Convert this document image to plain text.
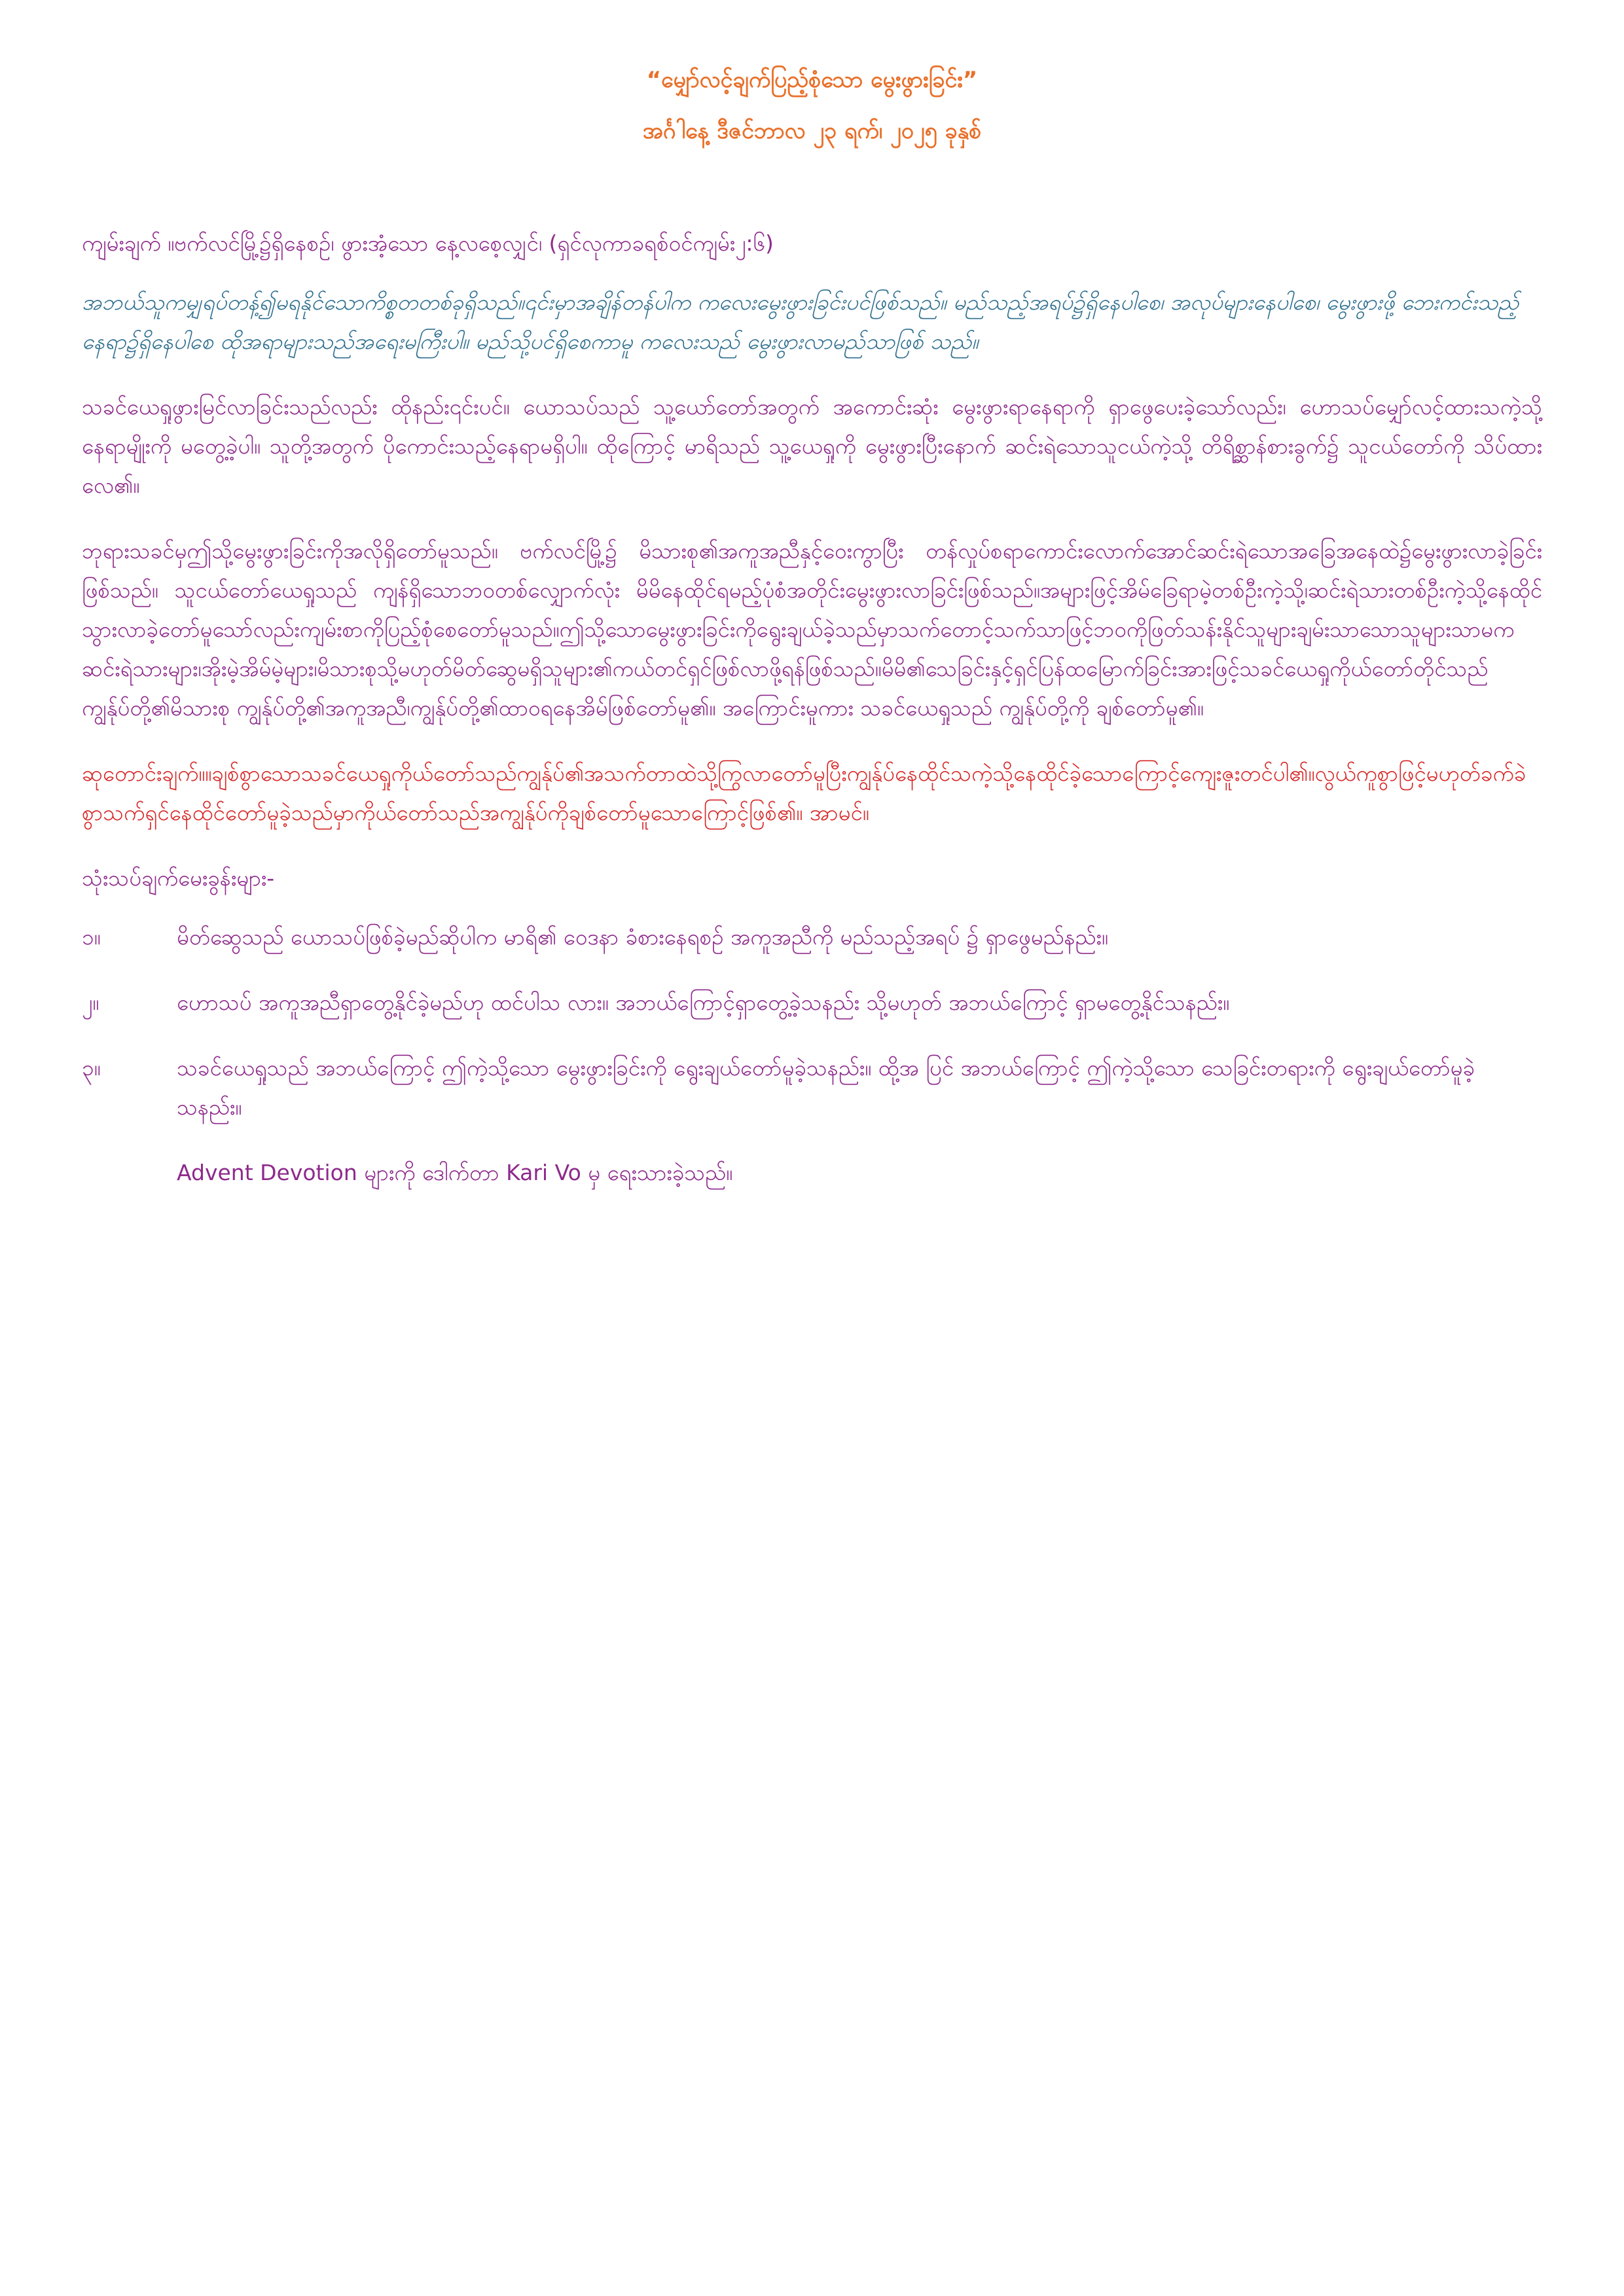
“မျှော်လင့်ချက်ပြည့်စုံသော မွေးဖွားခြင်း”

အင်္ဂါနေ့ ဒီဇင်ဘာလ ၂၃ ရက်၊ ၂၀၂၅ ခုနှစ်

ကျမ်းချက် ။ဗက်လင်မြို့၌ရှိနေစဉ်၊ ဖွားအံ့သော နေ့လစေ့လျှင်၊ (ရှင်လုကာခရစ်ဝင်ကျမ်း၂:၆)

အဘယ်သူကမျှရပ်တန့်၍မရနိုင်သောကိစ္စတတစ်ခုရှိသည်။၎င်းမှာအချိန်တန်ပါက ကလေးမွေးဖွားခြင်းပင်ဖြစ်သည်။ မည်သည့်အရပ်၌ရှိနေပါစေ၊ အလုပ်များနေပါစေ၊ မွေးဖွားဖို့ ဘေးကင်းသည့်နေရာ၌ရှိနေပါစေ ထိုအရာများသည်အရေးမကြီးပါ။ မည်သို့ပင်ရှိစေကာမူ ကလေးသည် မွေးဖွားလာမည်သာဖြစ် သည်။

သခင်ယေရှုဖွားမြင်လာခြင်းသည်လည်း ထိုနည်း၎င်းပင်။ ယောသပ်သည် သူ့ယော်တော်အတွက် အကောင်းဆုံး မွေးဖွားရာနေရာကို ရှာဖွေပေးခဲ့သော်လည်း၊ ဟောသပ်မျှော်လင့်ထားသကဲ့သို့ နေရာမျိုးကို မတွေ့ခဲ့ပါ။ သူတို့အတွက် ပိုကောင်းသည့်နေရာမရှိပါ။ ထိုကြောင့် မာရိသည် သူ့ယေရှုကို မွေးဖွားပြီးနောက် ဆင်းရဲသောသူငယ်ကဲ့သို့ တိရိစ္ဆာန်စားခွက်၌ သူငယ်တော်ကို သိပ်ထားလေ၏။

ဘုရားသခင်မှဤသို့မွေးဖွားခြင်းကိုအလိုရှိတော်မူသည်။ ဗက်လင်မြို့၌ မိသားစု၏အကူအညီနှင့်ဝေးကွာပြီး တန်လှုပ်စရာကောင်းလောက်အောင်ဆင်းရဲသောအခြေအနေထဲ၌မွေးဖွားလာခဲ့ခြင်းဖြစ်သည်။ သူငယ်တော်ယေရှုသည် ကျန်ရှိသောဘဝတစ်လျှောက်လုံး မိမိနေထိုင်ရမည့်ပုံစံအတိုင်းမွေးဖွားလာခြင်းဖြစ်သည်။အများဖြင့်အိမ်ခြေရာမဲ့တစ်ဦးကဲ့သို့၊ဆင်းရဲသားတစ်ဦးကဲ့သို့နေထိုင်သွားလာခဲ့တော်မူသော်လည်းကျမ်းစာကိုပြည့်စုံစေတော်မူသည်။ဤသို့သောမွေးဖွားခြင်းကိုရွေးချယ်ခဲ့သည်မှာသက်တောင့်သက်သာဖြင့်ဘဝကိုဖြတ်သန်းနိုင်သူများချမ်းသာသောသူများသာမကဆင်းရဲသားများ၊အိုးမဲ့အိမ်မဲ့များ၊မိသားစုသို့မဟုတ်မိတ်ဆွေမရှိသူများ၏ကယ်တင်ရှင်ဖြစ်လာဖို့ရန်ဖြစ်သည်။မိမိ၏သေခြင်းနှင့်ရှင်ပြန်ထမြောက်ခြင်းအားဖြင့်သခင်ယေရှုကိုယ်တော်တိုင်သည် ကျွန်ုပ်တို့၏မိသားစု ကျွန်ုပ်တို့၏အကူအညီ၊ကျွန်ုပ်တို့၏ထာဝရနေအိမ်ဖြစ်တော်မူ၏။ အကြောင်းမူကား သခင်ယေရှုသည် ကျွန်ုပ်တို့ကို ချစ်တော်မူ၏။

ဆုတောင်းချက်။။ချစ်စွာသောသခင်ယေရှုကိုယ်တော်သည်ကျွန်ုပ်၏အသက်တာထဲသို့ကြွလာတော်မူပြီးကျွန်ုပ်နေထိုင်သကဲ့သို့နေထိုင်ခဲ့သောကြောင့်ကျေးဇူးတင်ပါ၏။လွယ်ကူစွာဖြင့်မဟုတ်ခက်ခဲစွာသက်ရှင်နေထိုင်တော်မူခဲ့သည်မှာကိုယ်တော်သည်အကျွန်ုပ်ကိုချစ်တော်မူသောကြောင့်ဖြစ်၏။ အာမင်။

သုံးသပ်ချက်မေးခွန်းများ-

၁။	မိတ်ဆွေသည် ယောသပ်ဖြစ်ခဲ့မည်ဆိုပါက မာရိ၏ ဝေဒနာ ခံစားနေရစဉ် အကူအညီကို မည်သည့်အရပ် ၌ ရှာဖွေမည်နည်း။
၂။	ဟောသပ် အကူအညီရှာတွေ့နိုင်ခဲ့မည်ဟု ထင်ပါသ လား။ အဘယ်ကြောင့်ရှာတွေ့ခဲ့သနည်း သို့မဟုတ် အဘယ်ကြောင့် ရှာမတွေ့နိုင်သနည်း။
၃။	သခင်ယေရှုသည် အဘယ်ကြောင့် ဤကဲ့သို့သော မွေးဖွားခြင်းကို ရွေးချယ်တော်မူခဲ့သနည်း။ ထို့အ ပြင် အဘယ်ကြောင့် ဤကဲ့သို့သော သေခြင်းတရားကို ရွေးချယ်တော်မူခဲ့သနည်း။

Advent Devotion များကို ဒေါက်တာ Kari Vo မှ ရေးသားခဲ့သည်။
